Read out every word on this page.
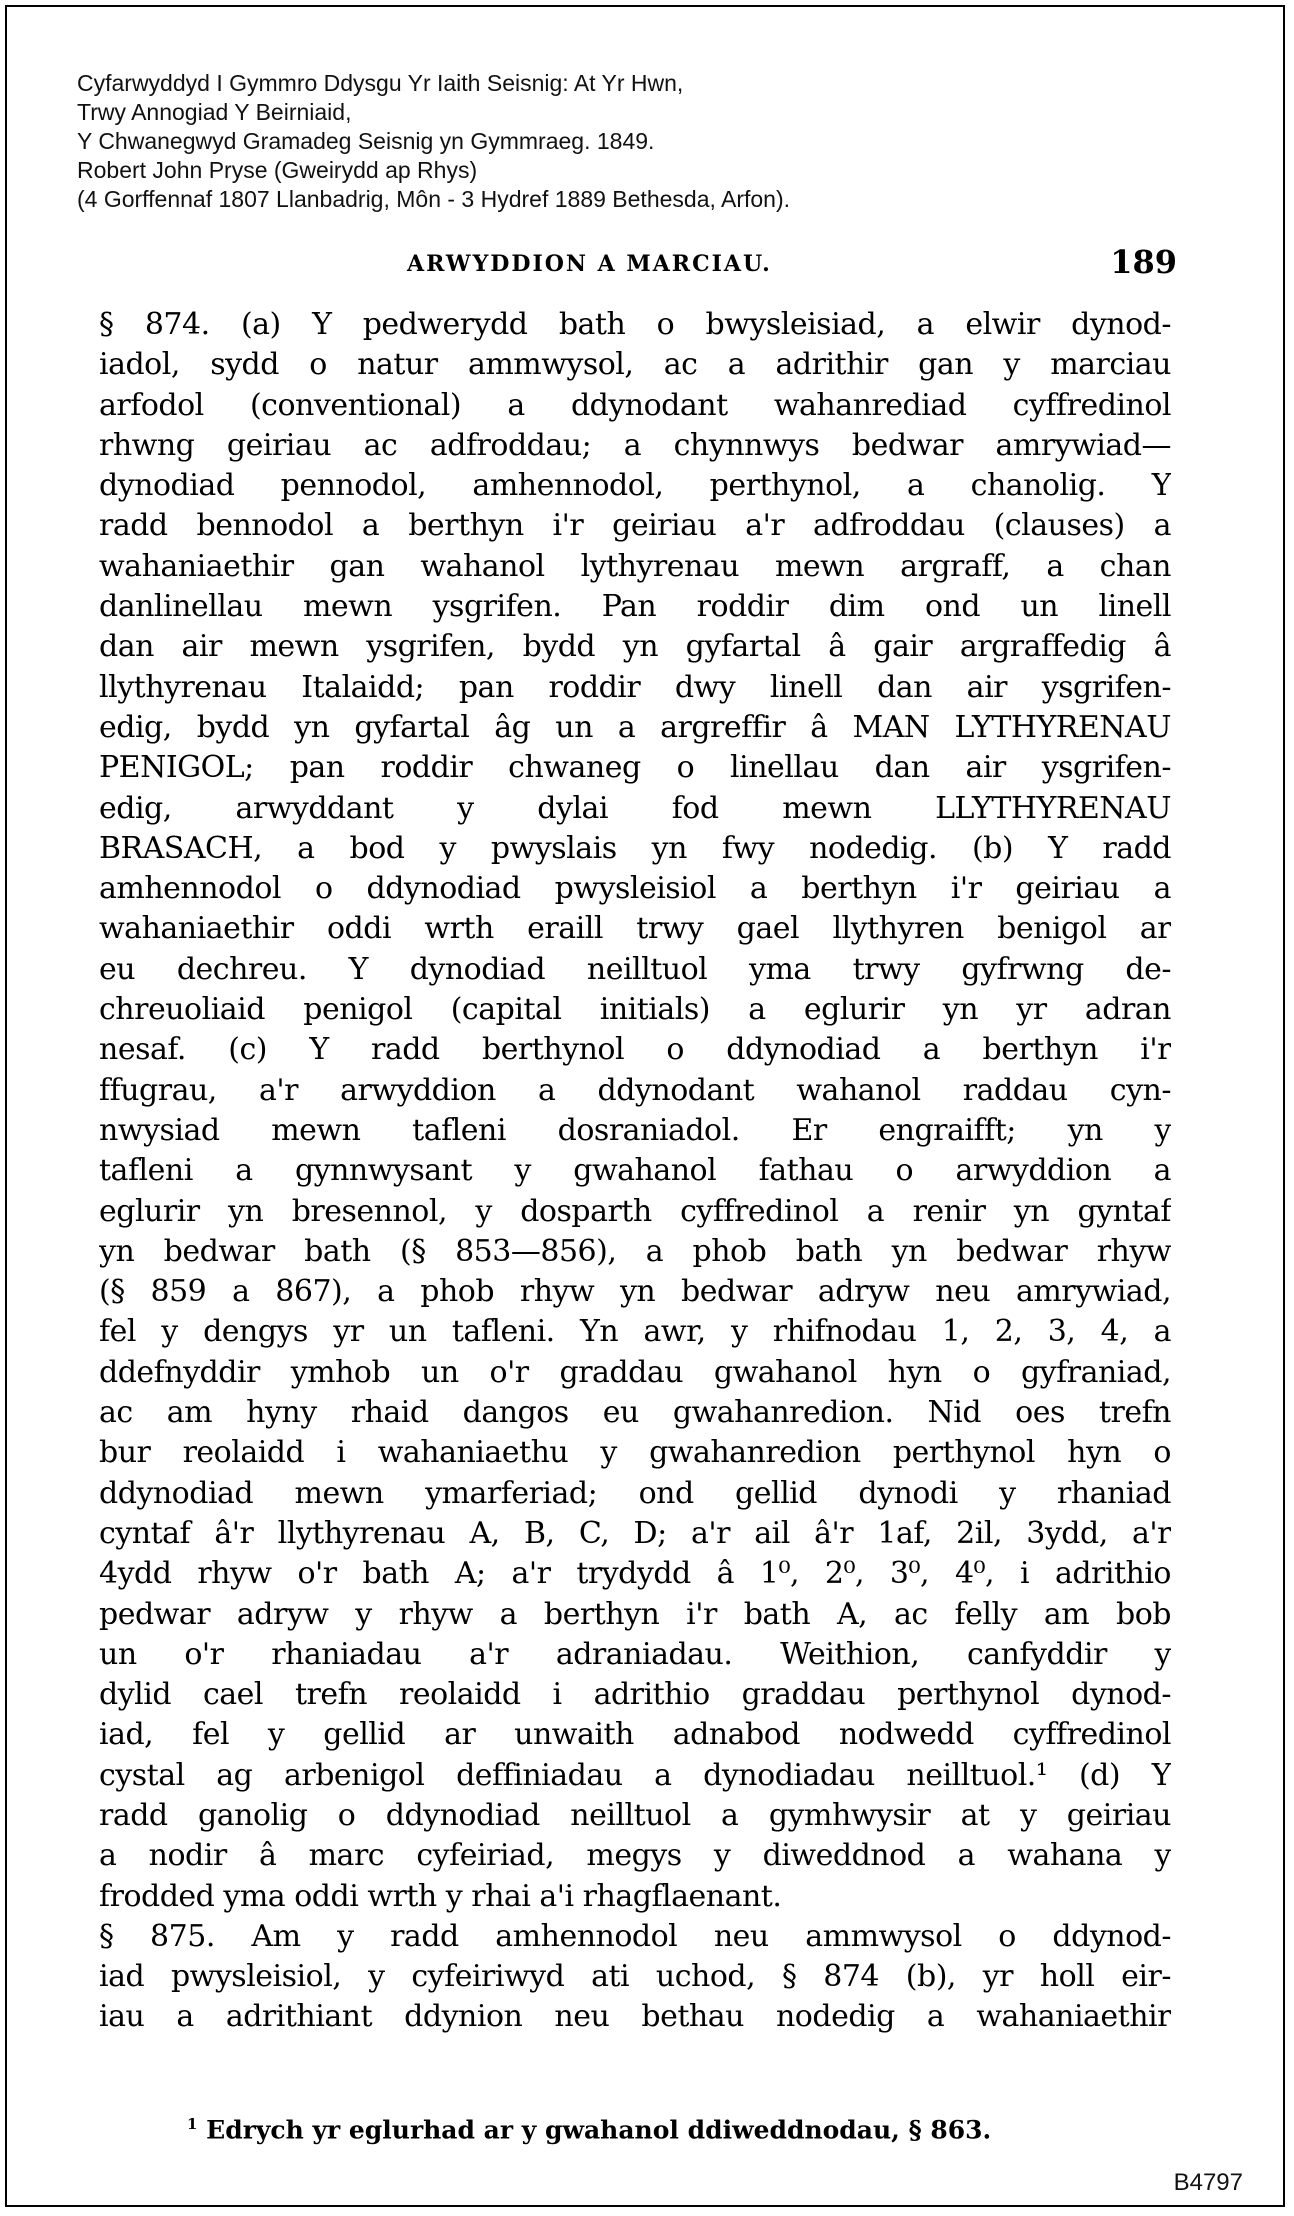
Cyfarwyddyd I Gymmro Ddysgu Yr Iaith Seisnig: At Yr Hwn,
Trwy Annogiad Y Beirniaid,
Y Chwanegwyd Gramadeg Seisnig yn Gymmraeg. 1849.
Robert John Pryse (Gweirydd ap Rhys)
(4 Gorffennaf 1807 Llanbadrig, Môn - 3 Hydref 1889 Bethesda, Arfon).
ARWYDDION A MARCIAU.	189
§ 874. (a) Y pedwerydd bath o bwysleisiad, a elwir dynod-
iadol, sydd o natur ammwysol, ac a adrithir gan y marciau
arfodol (conventional) a ddynodant wahanrediad cyffredinol
rhwng geiriau ac adfroddau; a chynnwys bedwar amrywiad—
dynodiad pennodol, amhennodol, perthynol, a chanolig. Y
radd bennodol a berthyn i'r geiriau a'r adfroddau (clauses) a
wahaniaethir gan wahanol lythyrenau mewn argraff, a chan
danlinellau mewn ysgrifen. Pan roddir dim ond un linell
dan air mewn ysgrifen, bydd yn gyfartal â gair argraffedig â
llythyrenau Italaidd; pan roddir dwy linell dan air ysgrifen-
edig, bydd yn gyfartal âg un a argreffir â MAN LYTHYRENAU
PENIGOL; pan roddir chwaneg o linellau dan air ysgrifen-
edig, arwyddant y dylai fod mewn LLYTHYRENAU
BRASACH, a bod y pwyslais yn fwy nodedig. (b) Y radd
amhennodol o ddynodiad pwysleisiol a berthyn i'r geiriau a
wahaniaethir oddi wrth eraill trwy gael llythyren benigol ar
eu dechreu. Y dynodiad neilltuol yma trwy gyfrwng de-
chreuoliaid penigol (capital initials) a eglurir yn yr adran
nesaf. (c) Y radd berthynol o ddynodiad a berthyn i'r
ffugrau, a'r arwyddion a ddynodant wahanol raddau cyn-
nwysiad mewn tafleni dosraniadol. Er engraifft; yn y
tafleni a gynnwysant y gwahanol fathau o arwyddion a
eglurir yn bresennol, y dosparth cyffredinol a renir yn gyntaf
yn bedwar bath (§ 853—856), a phob bath yn bedwar rhyw
(§ 859 a 867), a phob rhyw yn bedwar adryw neu amrywiad,
fel y dengys yr un tafleni. Yn awr, y rhifnodau 1, 2, 3, 4, a
ddefnyddir ymhob un o'r graddau gwahanol hyn o gyfraniad,
ac am hyny rhaid dangos eu gwahanredion. Nid oes trefn
bur reolaidd i wahaniaethu y gwahanredion perthynol hyn o
ddynodiad mewn ymarferiad; ond gellid dynodi y rhaniad
cyntaf â'r llythyrenau A, B, C, D; a'r ail â'r 1af, 2il, 3ydd, a'r
4ydd rhyw o'r bath A; a'r trydydd â 1⁰, 2⁰, 3⁰, 4⁰, i adrithio
pedwar adryw y rhyw a berthyn i'r bath A, ac felly am bob
un o'r rhaniadau a'r adraniadau. Weithion, canfyddir y
dylid cael trefn reolaidd i adrithio graddau perthynol dynod-
iad, fel y gellid ar unwaith adnabod nodwedd cyffredinol
cystal ag arbenigol deffiniadau a dynodiadau neilltuol.¹ (d) Y
radd ganolig o ddynodiad neilltuol a gymhwysir at y geiriau
a nodir â marc cyfeiriad, megys y diweddnod a wahana y
frodded yma oddi wrth y rhai a'i rhagflaenant.
§ 875. Am y radd amhennodol neu ammwysol o ddynod-
iad pwysleisiol, y cyfeiriwyd ati uchod, § 874 (b), yr holl eir-
iau a adrithiant ddynion neu bethau nodedig a wahaniaethir
$^1$ Edrych yr eglurhad ar y gwahanol ddiweddnodau, § 863.
B4797
